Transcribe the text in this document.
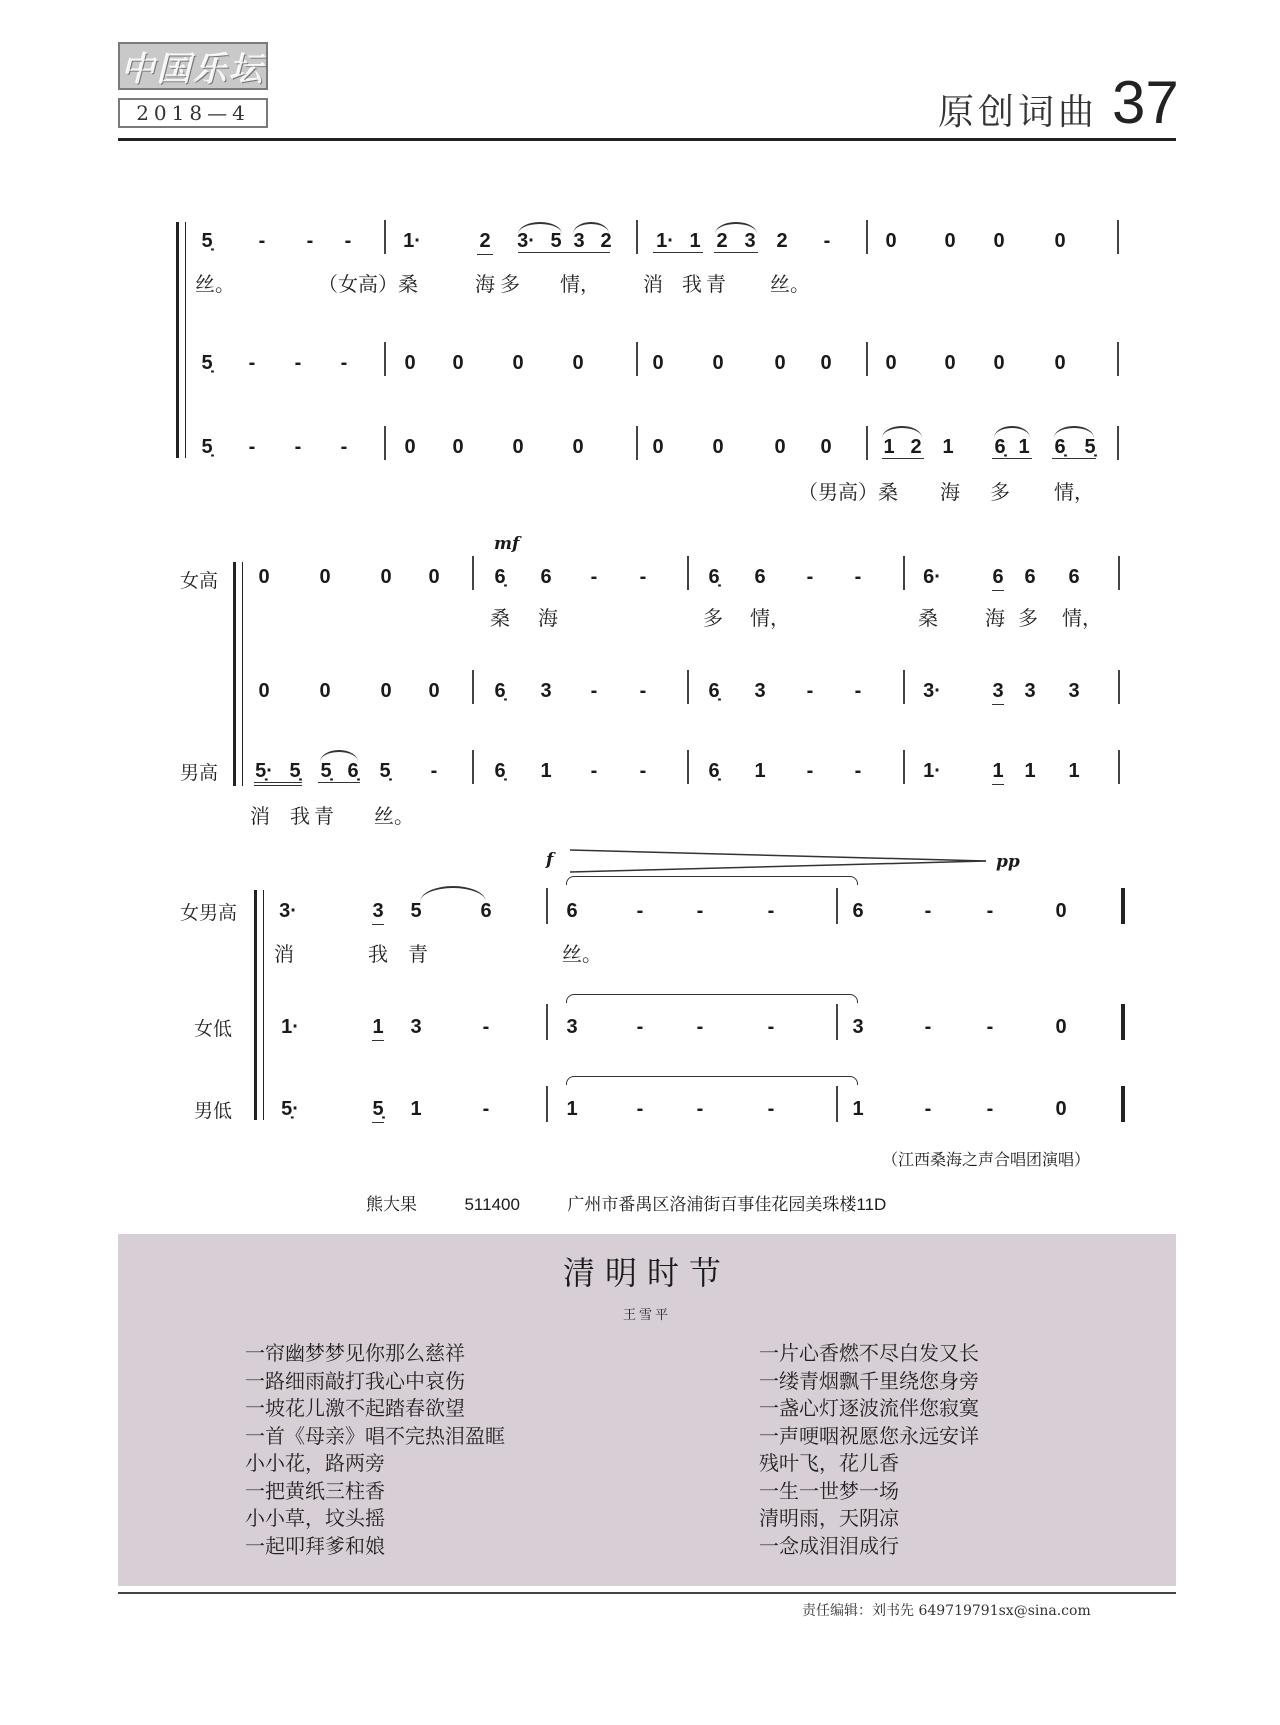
中国乐坛
2018—4	原创词曲 37
5̣ - - -	1·	2 3· 5 3 2 1· 1 2 3 2 -	0 0 0 0
丝。	（女高）桑	海 多 情， 消 我 青 丝。
5̣ - - -	0 0 0 0	0 0	0 0	0 0 0 0
5̣ - - -	0 0 0 0	0 0	0 0	1 2 1 6̣ 1 6̣ 5̣
（男高）桑 海 多 情，
女高
男高
mf
0 0 0 0	6̣ 6 - -	6̣ 6 - -	6·	6 6 6
桑 海	多 情，	桑 海 多 情，
0 0 0 0	6̣ 3 - -	6̣ 3 - -	3·	3 3 3
5̣· 5̣ 5̣ 6̣ 5̣ -	6̣ 1 - -	6̣ 1 - -	1·	1 1 1
消 我 青 丝。
女男高
女低
男低
f	pp
3·	3 5	6	6	-	-	-	6	-	-	0
消	我 青	丝。
1·	1 3	-	3	-	-	-	3	-	-	0
5̣·	5̣ 1	-	1	-	-	-	1	-	-	0
（江西桑海之声合唱团演唱）
熊大果	511400	广州市番禺区洛浦街百事佳花园美珠楼11D
清明时节
王雪平
一帘幽梦梦见你那么慈祥
一路细雨敲打我心中哀伤
一坡花儿激不起踏春欲望
一首《母亲》唱不完热泪盈眶
小小花，路两旁
一把黄纸三柱香
小小草，坟头摇
一起叩拜爹和娘
一片心香燃不尽白发又长
一缕青烟飘千里绕您身旁
一盏心灯逐波流伴您寂寞
一声哽咽祝愿您永远安详
残叶飞，花儿香
一生一世梦一场
清明雨，天阴凉
一念成泪泪成行
责任编辑：刘书先 649719791sx@sina.com
